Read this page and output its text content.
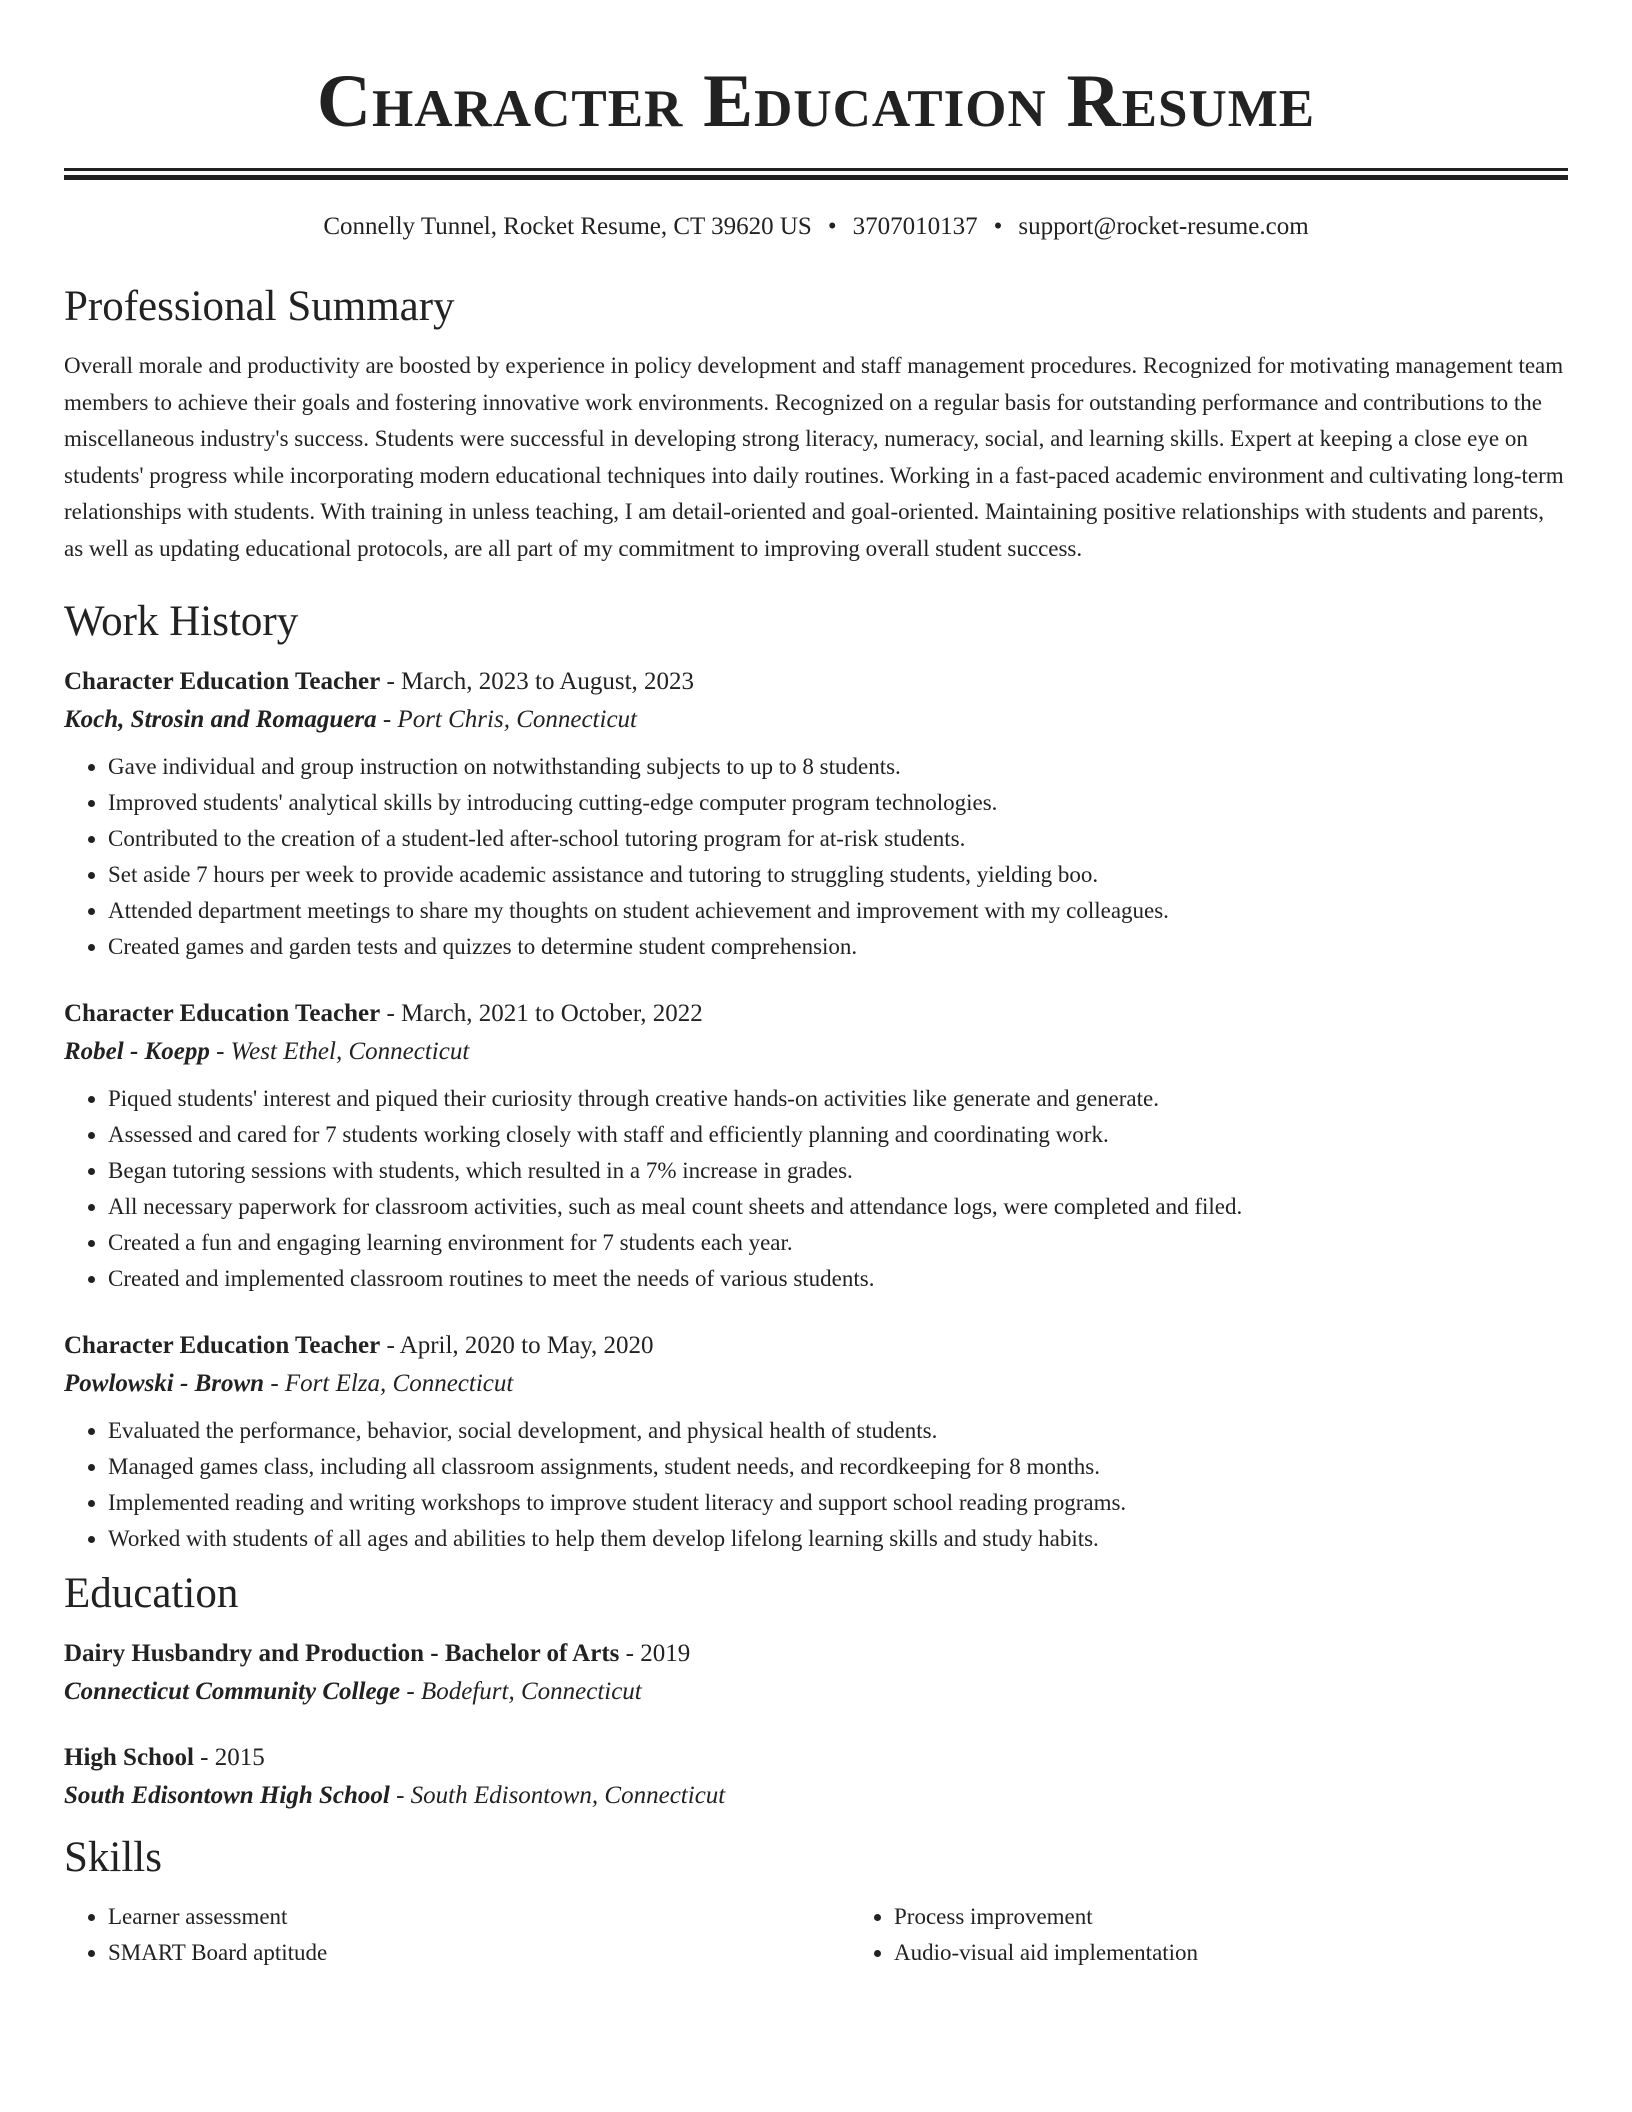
Character Education Resume
Connelly Tunnel, Rocket Resume, CT 39620 US • 3707010137 • support@rocket-resume.com
Professional Summary

Overall morale and productivity are boosted by experience in policy development and staff management procedures. Recognized for motivating management team members to achieve their goals and fostering innovative work environments. Recognized on a regular basis for outstanding performance and contributions to the miscellaneous industry's success. Students were successful in developing strong literacy, numeracy, social, and learning skills. Expert at keeping a close eye on students' progress while incorporating modern educational techniques into daily routines. Working in a fast-paced academic environment and cultivating long-term relationships with students. With training in unless teaching, I am detail-oriented and goal-oriented. Maintaining positive relationships with students and parents, as well as updating educational protocols, are all part of my commitment to improving overall student success.

Work History

Character Education Teacher - March, 2023 to August, 2023

Koch, Strosin and Romaguera - Port Chris, Connecticut

• Gave individual and group instruction on notwithstanding subjects to up to 8 students.
• Improved students' analytical skills by introducing cutting-edge computer program technologies.
• Contributed to the creation of a student-led after-school tutoring program for at-risk students.
• Set aside 7 hours per week to provide academic assistance and tutoring to struggling students, yielding boo.
• Attended department meetings to share my thoughts on student achievement and improvement with my colleagues.
• Created games and garden tests and quizzes to determine student comprehension.

Character Education Teacher - March, 2021 to October, 2022

Robel - Koepp - West Ethel, Connecticut

• Piqued students' interest and piqued their curiosity through creative hands-on activities like generate and generate.
• Assessed and cared for 7 students working closely with staff and efficiently planning and coordinating work.
• Began tutoring sessions with students, which resulted in a 7% increase in grades.
• All necessary paperwork for classroom activities, such as meal count sheets and attendance logs, were completed and filed.
• Created a fun and engaging learning environment for 7 students each year.
• Created and implemented classroom routines to meet the needs of various students.

Character Education Teacher - April, 2020 to May, 2020

Powlowski - Brown - Fort Elza, Connecticut

• Evaluated the performance, behavior, social development, and physical health of students.
• Managed games class, including all classroom assignments, student needs, and recordkeeping for 8 months.
• Implemented reading and writing workshops to improve student literacy and support school reading programs.
• Worked with students of all ages and abilities to help them develop lifelong learning skills and study habits.
Education

Dairy Husbandry and Production - Bachelor of Arts - 2019

Connecticut Community College - Bodefurt, Connecticut

High School - 2015

South Edisontown High School - South Edisontown, Connecticut

Skills
• Learner assessment
• SMART Board aptitude
• Process improvement
• Audio-visual aid implementation
